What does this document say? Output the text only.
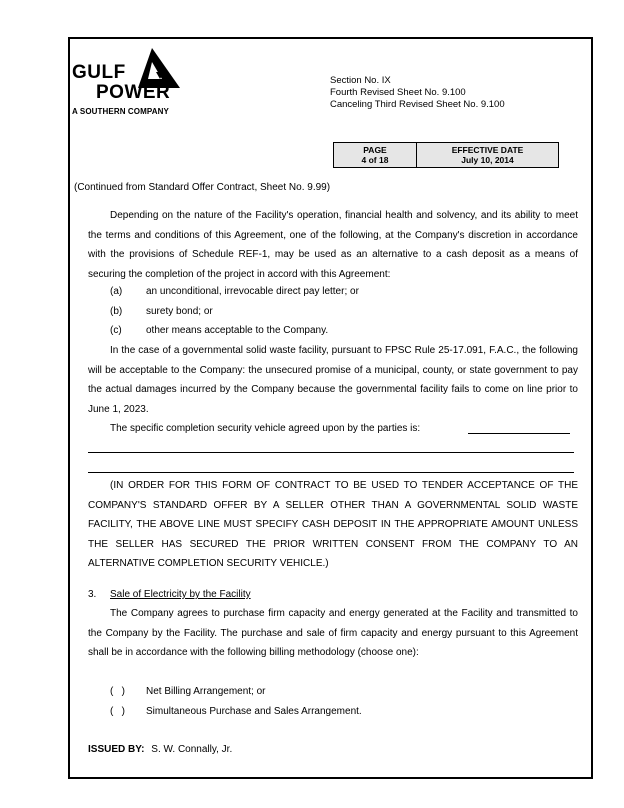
GULF
POWER
A SOUTHERN COMPANY
Section No. IX
Fourth Revised Sheet No. 9.100
Canceling Third Revised Sheet No. 9.100
PAGE
4 of 18
EFFECTIVE DATE
July 10, 2014
(Continued from Standard Offer Contract, Sheet No. 9.99)
Depending on the nature of the Facility's operation, financial health and solvency, and its ability to meet the terms and conditions of this Agreement, one of the following, at the Company's discretion in accordance with the provisions of Schedule REF-1, may be used as an alternative to a cash deposit as a means of securing the completion of the project in accord with this Agreement:
(a) an unconditional, irrevocable direct pay letter; or
(b) surety bond; or
(c) other means acceptable to the Company.
In the case of a governmental solid waste facility, pursuant to FPSC Rule 25-17.091, F.A.C., the following will be acceptable to the Company: the unsecured promise of a municipal, county, or state government to pay the actual damages incurred by the Company because the governmental facility fails to come on line prior to June 1, 2023.
The specific completion security vehicle agreed upon by the parties is:
(IN ORDER FOR THIS FORM OF CONTRACT TO BE USED TO TENDER ACCEPTANCE OF THE COMPANY'S STANDARD OFFER BY A SELLER OTHER THAN A GOVERNMENTAL SOLID WASTE FACILITY, THE ABOVE LINE MUST SPECIFY CASH DEPOSIT IN THE APPROPRIATE AMOUNT UNLESS THE SELLER HAS SECURED THE PRIOR WRITTEN CONSENT FROM THE COMPANY TO AN ALTERNATIVE COMPLETION SECURITY VEHICLE.)
3. Sale of Electricity by the Facility
The Company agrees to purchase firm capacity and energy generated at the Facility and transmitted to the Company by the Facility. The purchase and sale of firm capacity and energy pursuant to this Agreement shall be in accordance with the following billing methodology (choose one):
(   ) Net Billing Arrangement; or
(   ) Simultaneous Purchase and Sales Arrangement.
ISSUED BY: S. W. Connally, Jr.
